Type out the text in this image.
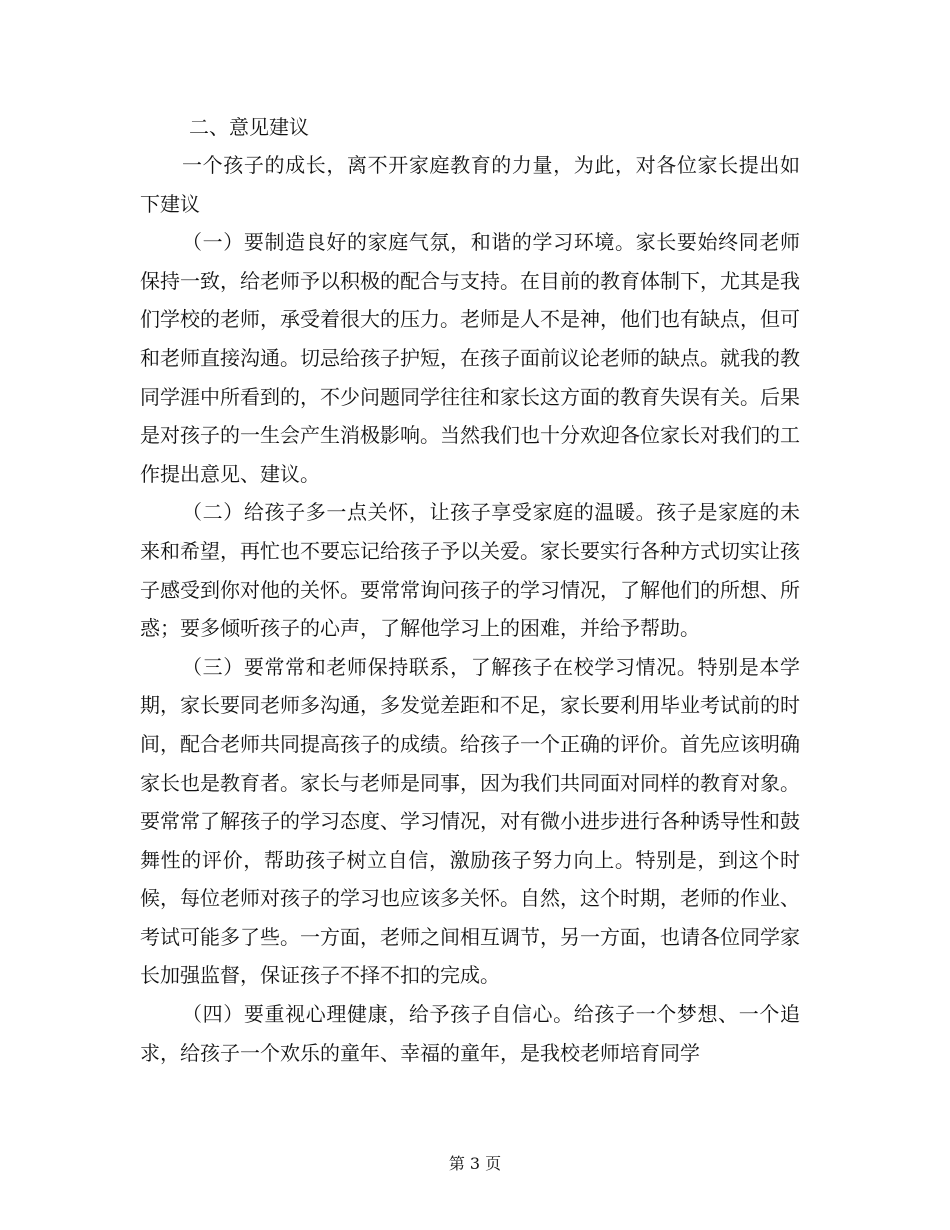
二、意见建议

一个孩子的成长，离不开家庭教育的力量，为此，对各位家长提出如下建议

（一）要制造良好的家庭气氛，和谐的学习环境。家长要始终同老师保持一致，给老师予以积极的配合与支持。在目前的教育体制下，尤其是我们学校的老师，承受着很大的压力。老师是人不是神，他们也有缺点，但可和老师直接沟通。切忌给孩子护短，在孩子面前议论老师的缺点。就我的教同学涯中所看到的，不少问题同学往往和家长这方面的教育失误有关。后果是对孩子的一生会产生消极影响。当然我们也十分欢迎各位家长对我们的工作提出意见、建议。

（二）给孩子多一点关怀，让孩子享受家庭的温暖。孩子是家庭的未来和希望，再忙也不要忘记给孩子予以关爱。家长要实行各种方式切实让孩子感受到你对他的关怀。要常常询问孩子的学习情况，了解他们的所想、所惑；要多倾听孩子的心声，了解他学习上的困难，并给予帮助。

（三）要常常和老师保持联系，了解孩子在校学习情况。特别是本学期，家长要同老师多沟通，多发觉差距和不足，家长要利用毕业考试前的时间，配合老师共同提高孩子的成绩。给孩子一个正确的评价。首先应该明确家长也是教育者。家长与老师是同事，因为我们共同面对同样的教育对象。要常常了解孩子的学习态度、学习情况，对有微小进步进行各种诱导性和鼓舞性的评价，帮助孩子树立自信，激励孩子努力向上。特别是，到这个时候，每位老师对孩子的学习也应该多关怀。自然，这个时期，老师的作业、考试可能多了些。一方面，老师之间相互调节，另一方面，也请各位同学家长加强监督，保证孩子不择不扣的完成。

（四）要重视心理健康，给予孩子自信心。给孩子一个梦想、一个追求，给孩子一个欢乐的童年、幸福的童年，是我校老师培育同学

第 3 页
